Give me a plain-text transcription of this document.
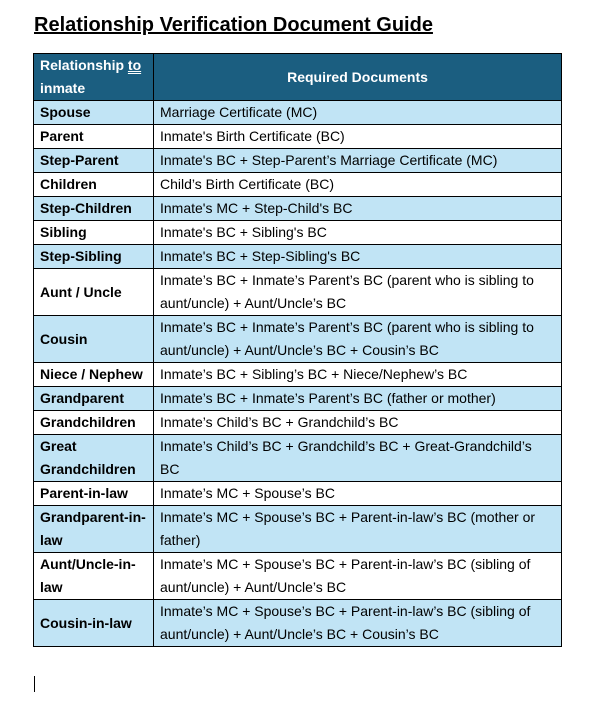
Relationship Verification Document Guide
Relationship to inmate	Required Documents
Spouse	Marriage Certificate (MC)
Parent	Inmate's Birth Certificate (BC)
Step-Parent	Inmate's BC + Step-Parent’s Marriage Certificate (MC)
Children	Child’s Birth Certificate (BC)
Step-Children	Inmate's MC + Step-Child's BC
Sibling	Inmate's BC + Sibling's BC
Step-Sibling	Inmate's BC + Step-Sibling's BC
Aunt / Uncle	Inmate’s BC + Inmate’s Parent’s BC (parent who is sibling to aunt/uncle) + Aunt/Uncle’s BC
Cousin	Inmate’s BC + Inmate’s Parent’s BC (parent who is sibling to aunt/uncle) + Aunt/Uncle’s BC + Cousin’s BC
Niece / Nephew	Inmate’s BC + Sibling’s BC + Niece/Nephew’s BC
Grandparent	Inmate’s BC + Inmate’s Parent’s BC (father or mother)
Grandchildren	Inmate’s Child’s BC + Grandchild’s BC
Great Grandchildren	Inmate’s Child’s BC + Grandchild’s BC + Great-Grandchild’s BC
Parent-in-law	Inmate’s MC + Spouse’s BC
Grandparent-in-law	Inmate’s MC + Spouse’s BC + Parent-in-law’s BC (mother or father)
Aunt/Uncle-in-law	Inmate’s MC + Spouse’s BC + Parent-in-law’s BC (sibling of aunt/uncle) + Aunt/Uncle’s BC
Cousin-in-law	Inmate’s MC + Spouse’s BC + Parent-in-law’s BC (sibling of aunt/uncle) + Aunt/Uncle’s BC + Cousin’s BC
